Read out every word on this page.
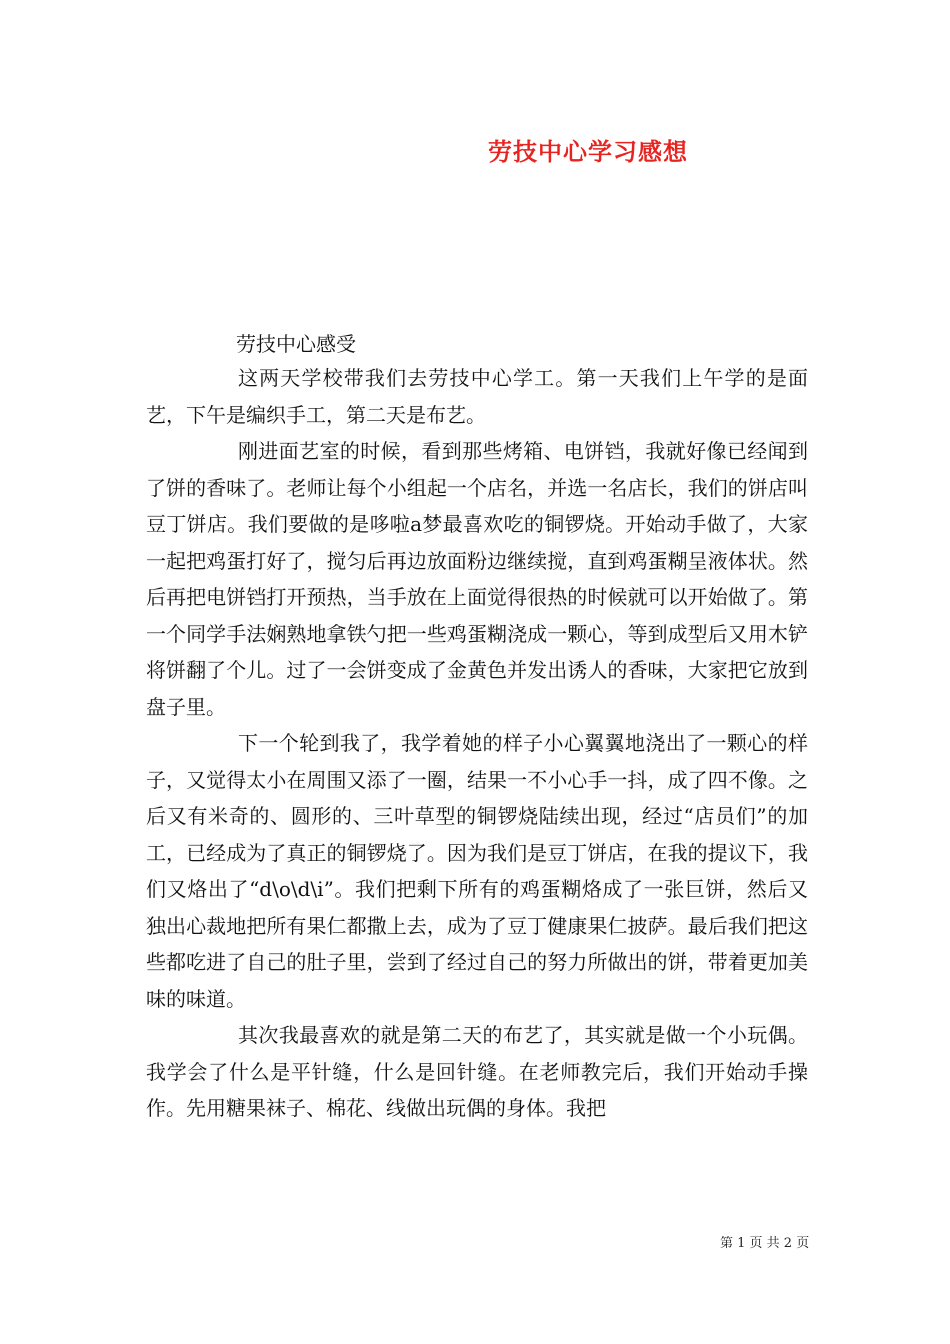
劳技中心学习感想
劳技中心感受

这两天学校带我们去劳技中心学工。第一天我们上午学的是面艺，下午是编织手工，第二天是布艺。

刚进面艺室的时候，看到那些烤箱、电饼铛，我就好像已经闻到了饼的香味了。老师让每个小组起一个店名，并选一名店长，我们的饼店叫豆丁饼店。我们要做的是哆啦a梦最喜欢吃的铜锣烧。开始动手做了，大家一起把鸡蛋打好了，搅匀后再边放面粉边继续搅，直到鸡蛋糊呈液体状。然后再把电饼铛打开预热，当手放在上面觉得很热的时候就可以开始做了。第一个同学手法娴熟地拿铁勺把一些鸡蛋糊浇成一颗心，等到成型后又用木铲将饼翻了个儿。过了一会饼变成了金黄色并发出诱人的香味，大家把它放到盘子里。

下一个轮到我了，我学着她的样子小心翼翼地浇出了一颗心的样子，又觉得太小在周围又添了一圈，结果一不小心手一抖，成了四不像。之后又有米奇的、圆形的、三叶草型的铜锣烧陆续出现，经过“店员们”的加工，已经成为了真正的铜锣烧了。因为我们是豆丁饼店，在我的提议下，我们又烙出了“d\o\d\i”。我们把剩下所有的鸡蛋糊烙成了一张巨饼，然后又独出心裁地把所有果仁都撒上去，成为了豆丁健康果仁披萨。最后我们把这些都吃进了自己的肚子里，尝到了经过自己的努力所做出的饼，带着更加美味的味道。

其次我最喜欢的就是第二天的布艺了，其实就是做一个小玩偶。我学会了什么是平针缝，什么是回针缝。在老师教完后，我们开始动手操作。先用糖果袜子、棉花、线做出玩偶的身体。我把

第 1 页 共 2 页
